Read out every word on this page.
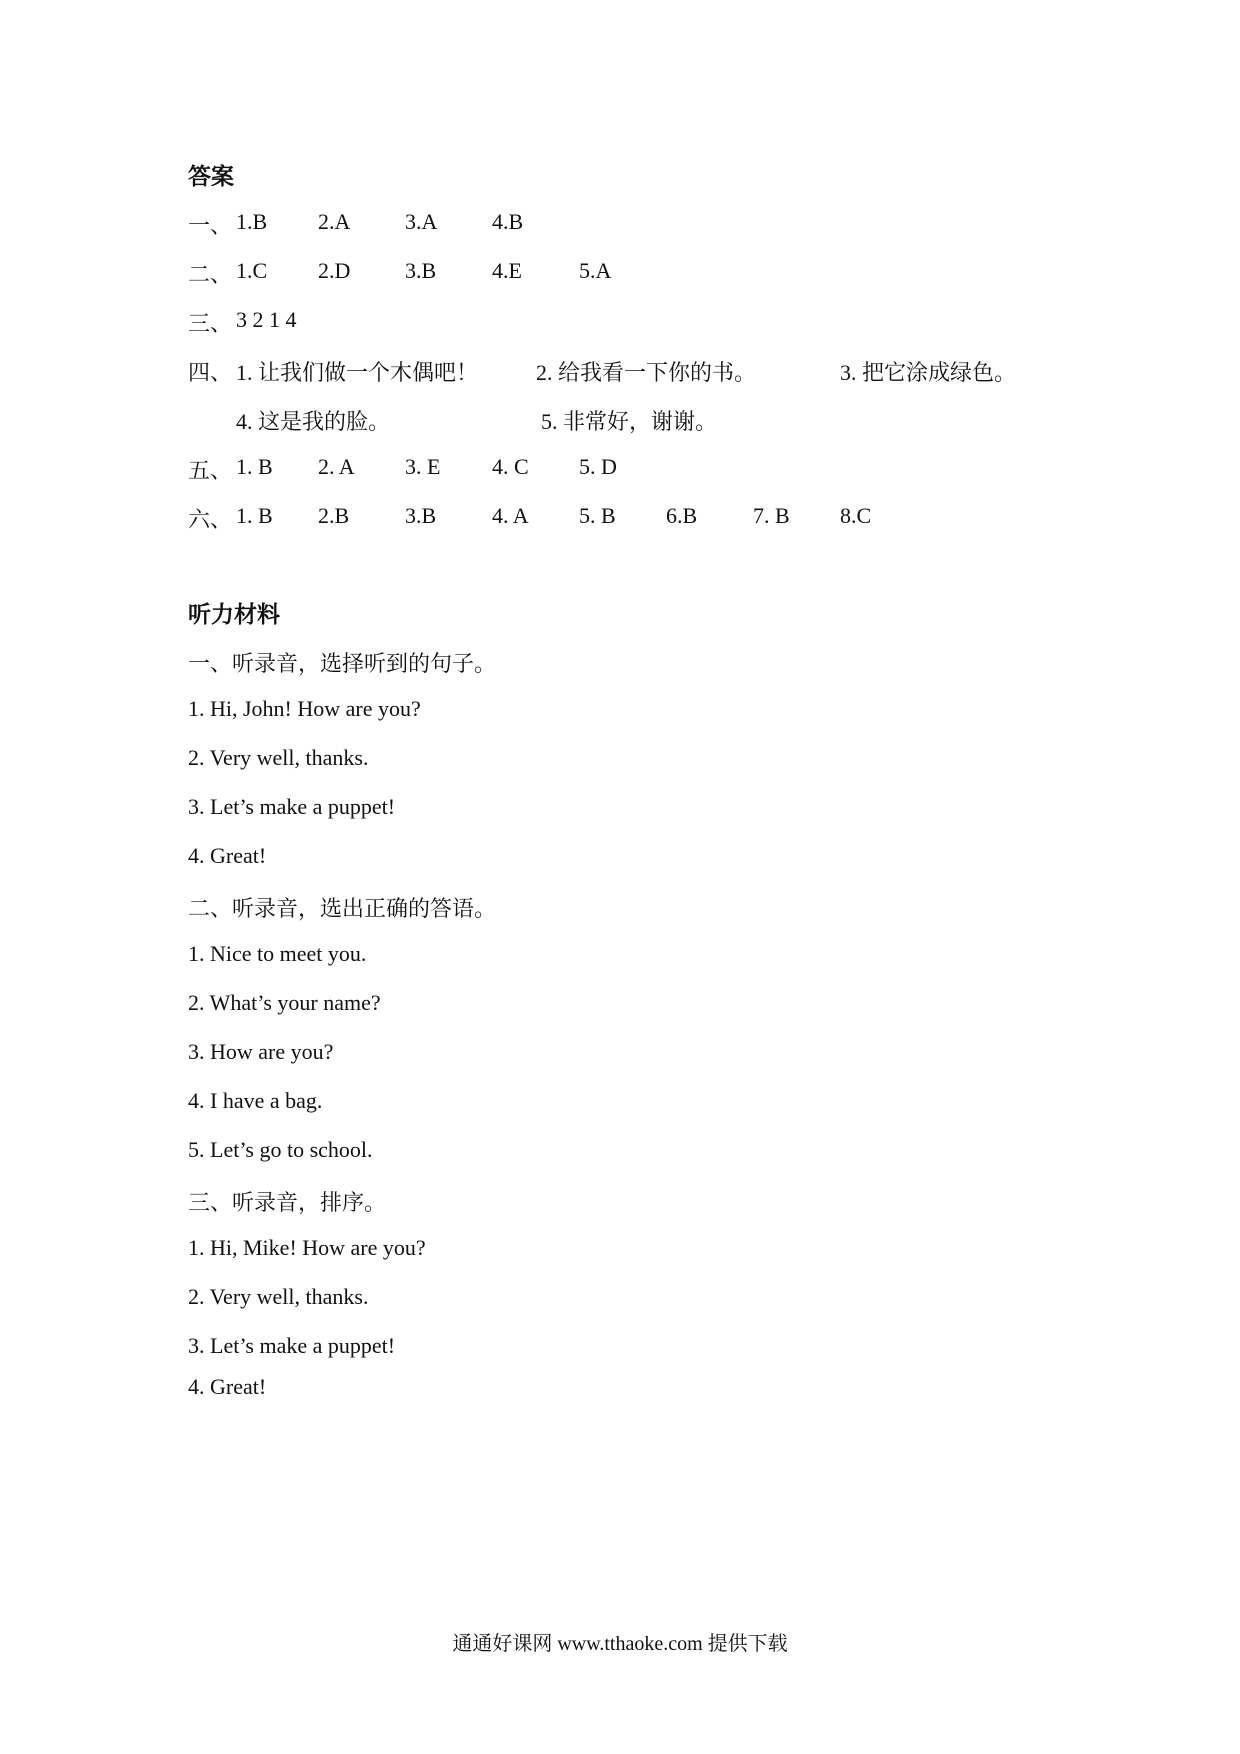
答案
一、 1.B 2.A 3.A 4.B
二、 1.C 2.D 3.B	4.E	5.A
三、 3 2 1 4
四、 1. 让我们做一个木偶吧！	2. 给我看一下你的书。	3. 把它涂成绿色。
4. 这是我的脸。	5. 非常好，谢谢。
五、 1. B 2. A 3. E 4. C 5. D
六、 1. B 2.B	3.B	4. A 5. B 6.B	7. B 8.C
听力材料
一、听录音，选择听到的句子。
1. Hi, John! How are you?
2. Very well, thanks.
3. Let’s make a puppet!
4. Great!
二、听录音，选出正确的答语。
1. Nice to meet you.
2. What’s your name?
3. How are you?
4. I have a bag.
5. Let’s go to school.
三、听录音，排序。
1. Hi, Mike! How are you?
2. Very well, thanks.
3. Let’s make a puppet!
4. Great!
通通好课网 www.tthaoke.com 提供下载
